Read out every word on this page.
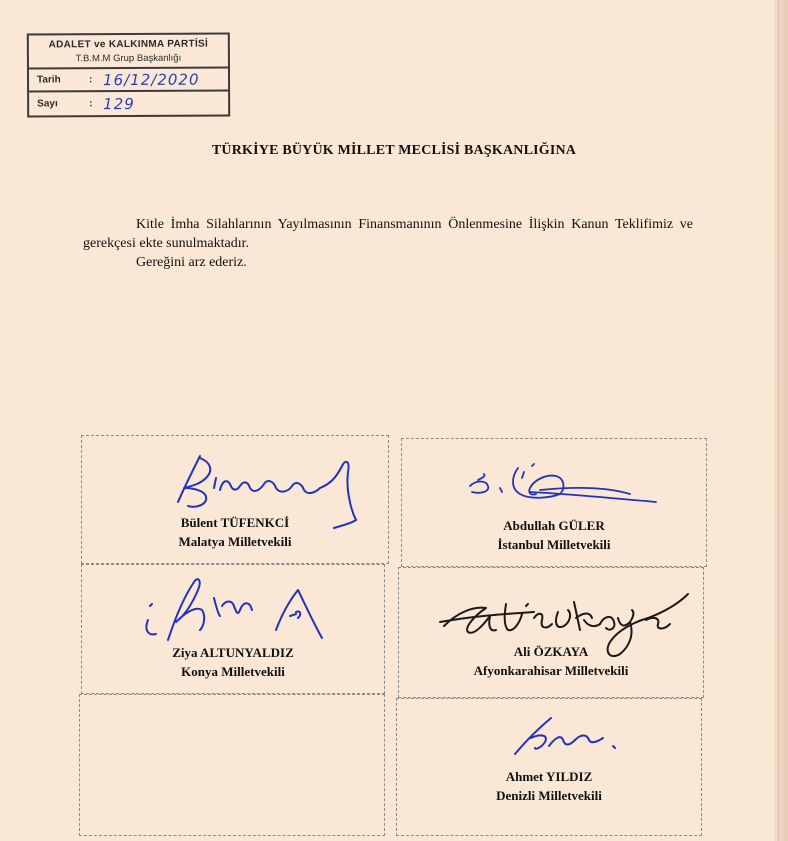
ADALET ve KALKINMA PARTİSİ
T.B.M.M Grup Başkanlığı
Tarih	: 16/12/2020
Sayı	: 129
TÜRKİYE BÜYÜK MİLLET MECLİSİ BAŞKANLIĞINA

Kitle İmha Silahlarının Yayılmasının Finansmanının Önlenmesine İlişkin Kanun Teklifimiz ve gerekçesi ekte sunulmaktadır.

Gereğini arz ederiz.

Bülent TÜFENKCİ
Malatya Milletvekili
Abdullah GÜLER
İstanbul Milletvekili
Ziya ALTUNYALDIZ
Konya Milletvekili
Ali ÖZKAYA
Afyonkarahisar Milletvekili
Ahmet YILDIZ
Denizli Milletvekili
